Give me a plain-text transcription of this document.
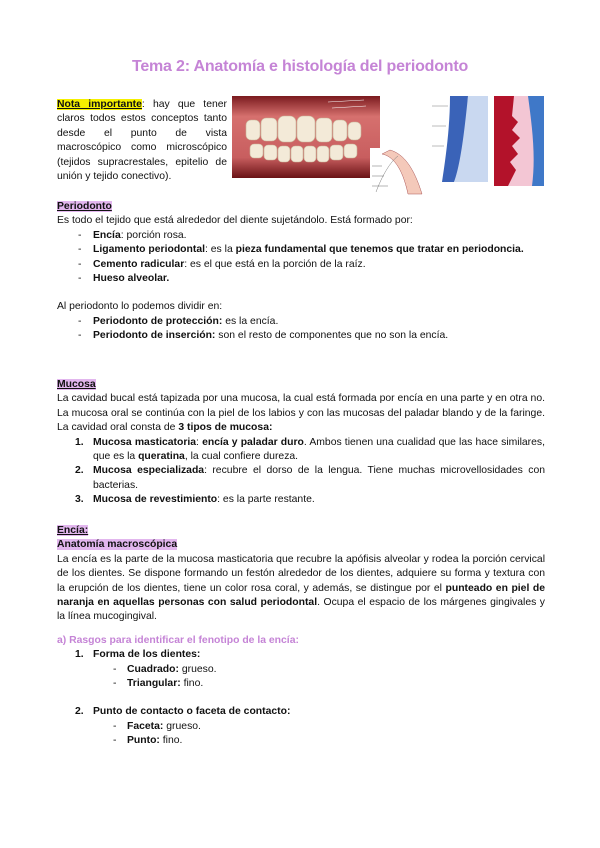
Tema 2: Anatomía e histología del periodonto
Nota importante: hay que tener claros todos estos conceptos tanto desde el punto de vista macroscópico como microscópico (tejidos supracrestales, epitelio de unión y tejido conectivo).
Periodonto
Es todo el tejido que está alrededor del diente sujetándolo. Está formado por:
- Encía: porción rosa.
- Ligamento periodontal: es la pieza fundamental que tenemos que tratar en periodoncia.
- Cemento radicular: es el que está en la porción de la raíz.
- Hueso alveolar.
Al periodonto lo podemos dividir en:
- Periodonto de protección: es la encía.
- Periodonto de inserción: son el resto de componentes que no son la encía.
Mucosa
La cavidad bucal está tapizada por una mucosa, la cual está formada por encía en una parte y en otra no. La mucosa oral se continúa con la piel de los labios y con las mucosas del paladar blando y de la faringe. La cavidad oral consta de 3 tipos de mucosa:
1. Mucosa masticatoria: encía y paladar duro. Ambos tienen una cualidad que las hace similares, que es la queratina, la cual confiere dureza.
2. Mucosa especializada: recubre el dorso de la lengua. Tiene muchas microvellosidades con bacterias.
3. Mucosa de revestimiento: es la parte restante.
Encía:
Anatomía macroscópica
La encía es la parte de la mucosa masticatoria que recubre la apófisis alveolar y rodea la porción cervical de los dientes. Se dispone formando un festón alrededor de los dientes, adquiere su forma y textura con la erupción de los dientes, tiene un color rosa coral, y además, se distingue por el punteado en piel de naranja en aquellas personas con salud periodontal. Ocupa el espacio de los márgenes gingivales y la línea mucogingival.
a) Rasgos para identificar el fenotipo de la encía:
1. Forma de los dientes:
- Cuadrado: grueso.
- Triangular: fino.
2. Punto de contacto o faceta de contacto:
- Faceta: grueso.
- Punto: fino.
